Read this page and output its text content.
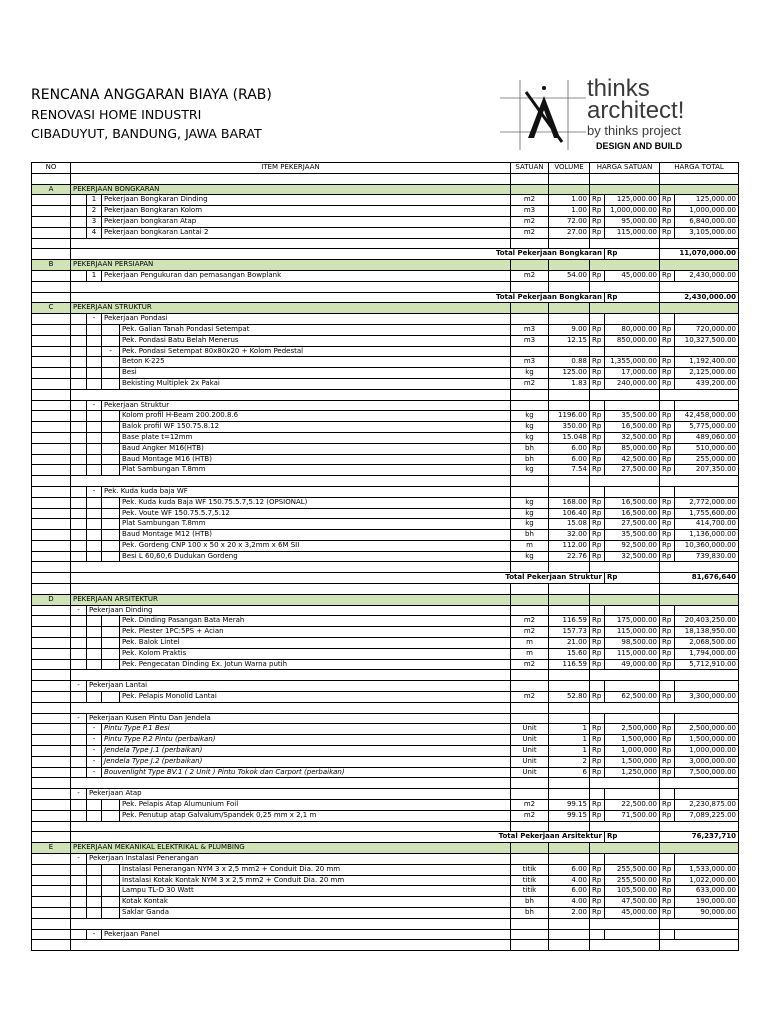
RENCANA ANGGARAN BIAYA (RAB)
RENOVASI HOME INDUSTRI
CIBADUYUT, BANDUNG, JAWA BARAT
thinks
architect!
by thinks project
DESIGN AND BUILD
NO	ITEM PEKERJAAN				SATUAN	VOLUME	HARGA SATUAN		HARGA TOTAL	

A	PEKERJAAN BONGKARAN									
		1	Pekerjaan Bongkaran Dinding		m2	1.00	Rp	125,000.00	Rp	125,000.00
		2	Pekerjaan Bongkaran Kolom		m3	1.00	Rp	1,000,000.00	Rp	1,000,000.00
		3	Pekerjaan bongkaran Atap		m2	72.00	Rp	95,000.00	Rp	6,840,000.00
		4	Pekerjaan bongkaran Lantai 2		m2	27.00	Rp	115,000.00	Rp	3,105,000.00

	Total Pekerjaan Bongkaran							Rp	11,070,000.00	
B	PEKERJAAN PERSIAPAN									
		1	Pekerjaan Pengukuran dan pemasangan Bowplank		m2	54.00	Rp	45,000.00	Rp	2,430,000.00

	Total Pekerjaan Bongkaran							Rp	2,430,000.00	
C	PEKERJAAN STRUKTUR									
		-	Pekerjaan Pondasi							
				Pek. Galian Tanah Pondasi Setempat	m3	9.00	Rp	80,000.00	Rp	720,000.00
				Pek. Pondasi Batu Belah Menerus	m3	12.15	Rp	850,000.00	Rp	10,327,500.00
			-	Pek. Pondasi Setempat 80x80x20 + Kolom Pedestal						
				Beton K-225	m3	0.88	Rp	1,355,000.00	Rp	1,192,400.00
				Besi	kg	125.00	Rp	17,000.00	Rp	2,125,000.00
				Bekisting Multiplek 2x Pakai	m2	1.83	Rp	240,000.00	Rp	439,200.00

		-	Pekerjaan Struktur							
				Kolom profil H-Beam 200.200.8.6	kg	1196.00	Rp	35,500.00	Rp	42,458,000.00
				Balok profil WF 150.75.8.12	kg	350.00	Rp	16,500.00	Rp	5,775,000.00
				Base plate t=12mm	kg	15.048	Rp	32,500.00	Rp	489,060.00
				Baud Angker M16(HTB)	bh	6.00	Rp	85,000.00	Rp	510,000.00
				Baud Montage M16 (HTB)	bh	6.00	Rp	42,500.00	Rp	255,000.00
				Plat Sambungan T.8mm	kg	7.54	Rp	27,500.00	Rp	207,350.00

		-	Pek. Kuda kuda baja WF							
				Pek. Kuda kuda Baja WF 150.75.5.7,5.12 (OPSIONAL)	kg	168.00	Rp	16,500.00	Rp	2,772,000.00
				Pek. Voute WF 150.75.5.7,5.12	kg	106.40	Rp	16,500.00	Rp	1,755,600.00
				Plat Sambungan T.8mm	kg	15.08	Rp	27,500.00	Rp	414,700.00
				Baud Montage M12 (HTB)	bh	32.00	Rp	35,500.00	Rp	1,136,000.00
				Pek. Gordeng CNP 100 x 50 x 20 x 3,2mm x 6M SII	m	112.00	Rp	92,500.00	Rp	10,360,000.00
				Besi L 60,60,6 Dudukan Gordeng	kg	22.76	Rp	32,500.00	Rp	739,830.00

	Total Pekerjaan Struktur							Rp	81,676,640	

D	PEKERJAAN ARSITEKTUR									
	-	Pekerjaan Dinding								
				Pek. Dinding Pasangan Bata Merah	m2	116.59	Rp	175,000.00	Rp	20,403,250.00
				Pek. Plester 1PC:5PS + Acian	m2	157.73	Rp	115,000.00	Rp	18,138,950.00
				Pek. Balok Lintel	m	21.00	Rp	98,500.00	Rp	2,068,500.00
				Pek. Kolom Praktis	m	15.60	Rp	115,000.00	Rp	1,794,000.00
				Pek. Pengecatan Dinding Ex. Jotun Warna putih	m2	116.59	Rp	49,000.00	Rp	5,712,910.00

	-	Pekerjaan Lantai								
				Pek. Pelapis Monolid Lantai	m2	52.80	Rp	62,500.00	Rp	3,300,000.00

	-	Pekerjaan Kusen Pintu Dan Jendela								
		-	Pintu Type P.1 Besi		Unit	1	Rp	2,500,000	Rp	2,500,000.00
		-	Pintu Type P.2 Pintu (perbaikan)		Unit	1	Rp	1,500,000	Rp	1,500,000.00
		-	Jendela Type J.1 (perbaikan)		Unit	1	Rp	1,000,000	Rp	1,000,000.00
		-	Jendela Type J.2 (perbaikan)		Unit	2	Rp	1,500,000	Rp	3,000,000.00
		-	Bouvenlight Type BV.1 ( 2 Unit ) Pintu Tokok dan Carport (perbaikan)		Unit	6	Rp	1,250,000	Rp	7,500,000.00

	-	Pekerjaan Atap								
				Pek. Pelapis Atap Alumunium Foil	m2	99.15	Rp	22,500.00	Rp	2,230,875.00
				Pek. Penutup atap Galvalum/Spandek 0,25 mm x 2,1 m	m2	99.15	Rp	71,500.00	Rp	7,089,225.00

	Total Pekerjaan Arsitektur							Rp	76,237,710	
E	PEKERJAAN MEKANIKAL ELEKTRIKAL & PLUMBING									
	-	Pekerjaan Instalasi Penerangan								
				Instalasi Penerangan NYM 3 x 2,5 mm2 + Conduit Dia. 20 mm	titik	6.00	Rp	255,500.00	Rp	1,533,000.00
				Instalasi Kotak Kontak NYM 3 x 2,5 mm2 + Conduit Dia. 20 mm	titik	4.00	Rp	255,500.00	Rp	1,022,000.00
				Lampu TL-D 30 Watt	titik	6.00	Rp	105,500.00	Rp	633,000.00
				Kotak Kontak	bh	4.00	Rp	47,500.00	Rp	190,000.00
				Saklar Ganda	bh	2.00	Rp	45,000.00	Rp	90,000.00

		-	Pekerjaan Panel							
